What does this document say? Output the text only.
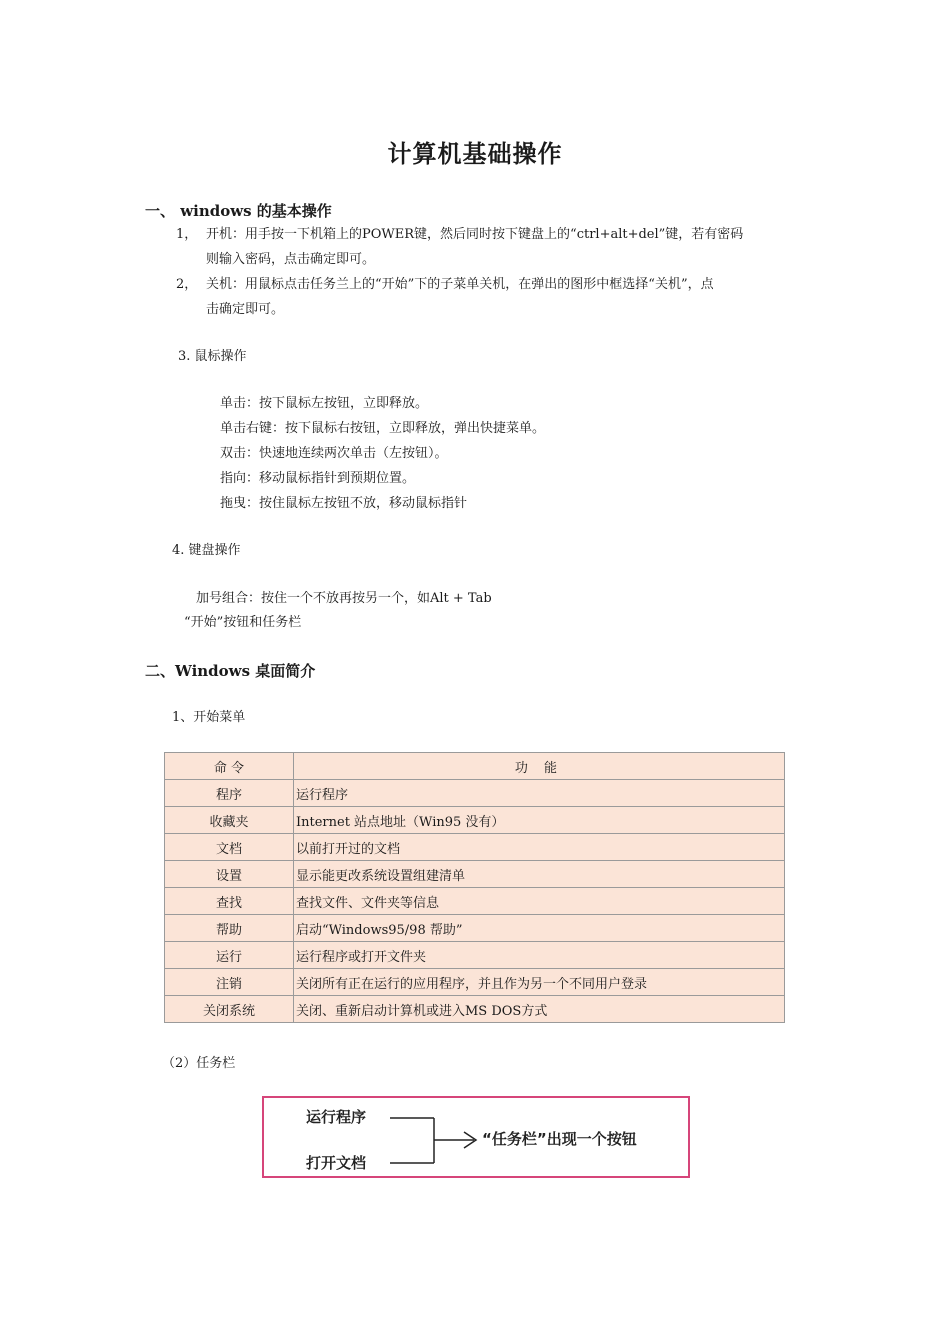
计算机基础操作
一、 windows 的基本操作
1， 开机：用手按一下机箱上的POWER键，然后同时按下键盘上的“ctrl+alt+del”键，若有密码
则输入密码，点击确定即可。
2， 关机：用鼠标点击任务兰上的“开始”下的子菜单关机，在弹出的图形中框选择“关机”，点
击确定即可。
3. 鼠标操作
单击：按下鼠标左按钮，立即释放。
单击右键：按下鼠标右按钮，立即释放，弹出快捷菜单。
双击：快速地连续两次单击（左按钮）。
指向：移动鼠标指针到预期位置。
拖曳：按住鼠标左按钮不放，移动鼠标指针
4. 键盘操作
加号组合：按住一个不放再按另一个，如Alt + Tab
“开始”按钮和任务栏
二、Windows 桌面简介
1、开始菜单
命 令	功 能
程序	运行程序
收藏夹	Internet 站点地址（Win95 没有）
文档	以前打开过的文档
设置	显示能更改系统设置组建清单
查找	查找文件、文件夹等信息
帮助	启动“Windows95/98 帮助”
运行	运行程序或打开文件夹
注销	关闭所有正在运行的应用程序，并且作为另一个不同用户登录
关闭系统	关闭、重新启动计算机或进入MS DOS方式
（2）任务栏
运行程序
打开文档
“任务栏”出现一个按钮
